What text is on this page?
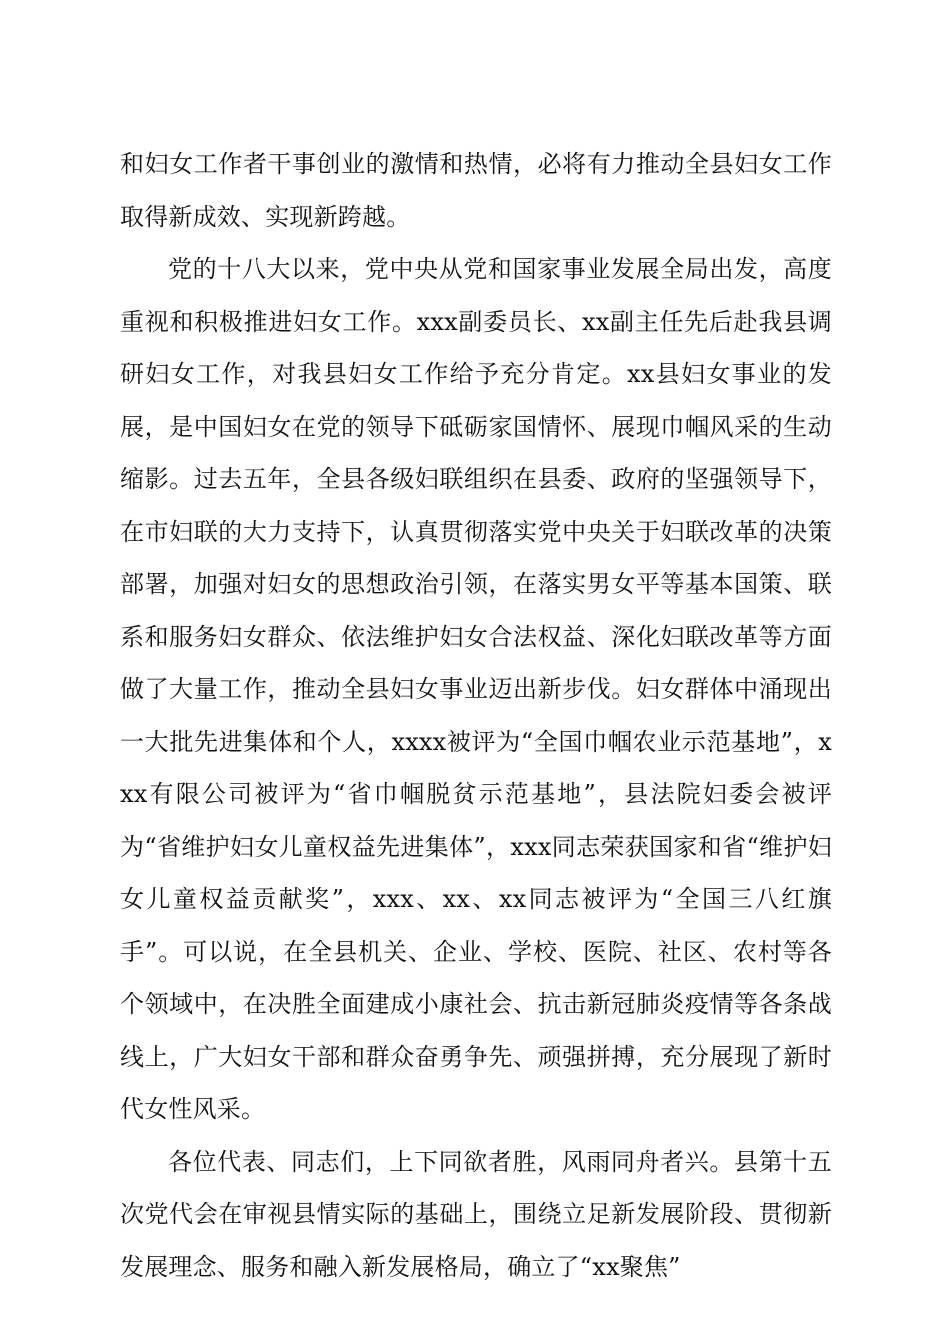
和妇女工作者干事创业的激情和热情，必将有力推动全县妇女工作取得新成效、实现新跨越。

党的十八大以来，党中央从党和国家事业发展全局出发，高度重视和积极推进妇女工作。xxx副委员长、xx副主任先后赴我县调研妇女工作，对我县妇女工作给予充分肯定。xx县妇女事业的发展，是中国妇女在党的领导下砥砺家国情怀、展现巾帼风采的生动缩影。过去五年，全县各级妇联组织在县委、政府的坚强领导下，在市妇联的大力支持下，认真贯彻落实党中央关于妇联改革的决策部署，加强对妇女的思想政治引领，在落实男女平等基本国策、联系和服务妇女群众、依法维护妇女合法权益、深化妇联改革等方面做了大量工作，推动全县妇女事业迈出新步伐。妇女群体中涌现出一大批先进集体和个人，xxxx被评为“全国巾帼农业示范基地”，xxx有限公司被评为“省巾帼脱贫示范基地”，县法院妇委会被评为“省维护妇女儿童权益先进集体”，xxx同志荣获国家和省“维护妇女儿童权益贡献奖”，xxx、xx、xx同志被评为“全国三八红旗手”。可以说，在全县机关、企业、学校、医院、社区、农村等各个领域中，在决胜全面建成小康社会、抗击新冠肺炎疫情等各条战线上，广大妇女干部和群众奋勇争先、顽强拼搏，充分展现了新时代女性风采。

各位代表、同志们，上下同欲者胜，风雨同舟者兴。县第十五次党代会在审视县情实际的基础上，围绕立足新发展阶段、贯彻新发展理念、服务和融入新发展格局，确立了“xx聚焦”
